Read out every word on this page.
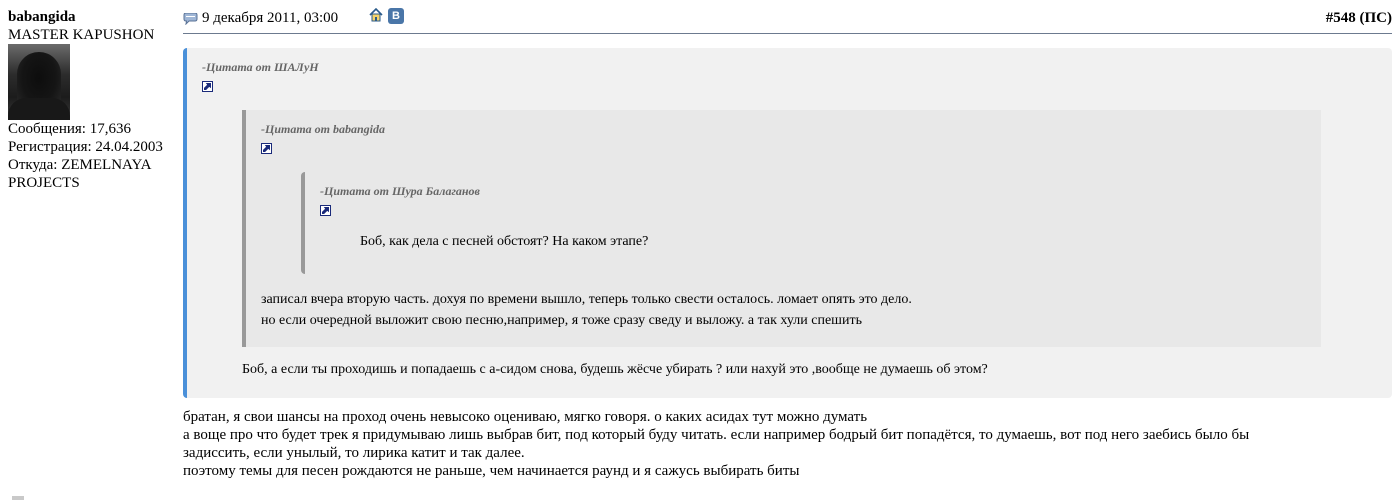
babangida
MASTER KAPUSHON
Сообщения: 17,636
Регистрация: 24.04.2003
Откуда: ZEMELNAYA
PROJECTS
9 декабря 2011, 03:00	В	#548 (ПС)
-Цитата от ШАЛуН
-Цитата от babangida
-Цитата от Шура Балаганов
Боб, как дела с песней обстоят? На каком этапе?
записал вчера вторую часть. дохуя по времени вышло, теперь только свести осталось. ломает опять это дело.
но если очередной выложит свою песню,например, я тоже сразу сведу и выложу. а так хули спешить
Боб, а если ты проходишь и попадаешь с а-сидом снова, будешь жёсче убирать ? или нахуй это ,вообще не думаешь об этом?
братан, я свои шансы на проход очень невысоко оцениваю, мягко говоря. о каких асидах тут можно думать
а воще про что будет трек я придумываю лишь выбрав бит, под который буду читать. если например бодрый бит попадётся, то думаешь, вот под него заебись было бы
задиссить, если унылый, то лирика катит и так далее.
поэтому темы для песен рождаются не раньше, чем начинается раунд и я сажусь выбирать биты
